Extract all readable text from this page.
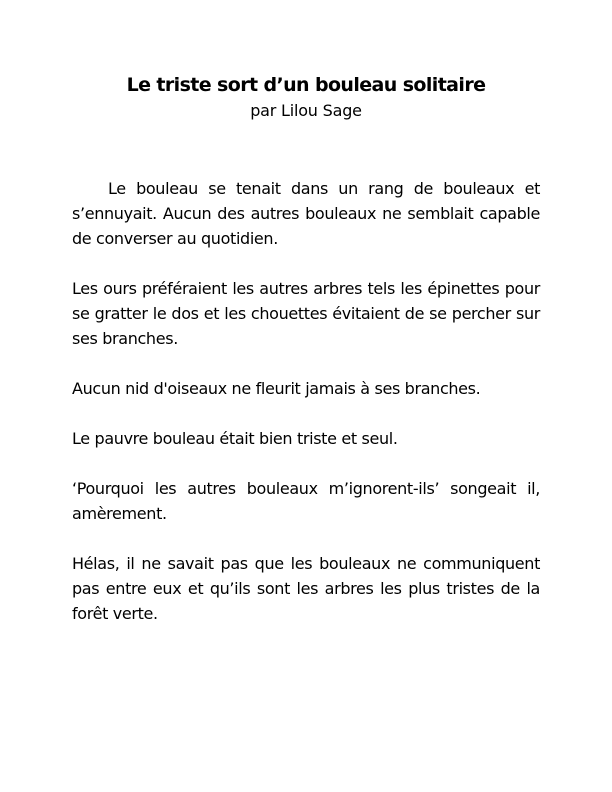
Le triste sort d’un bouleau solitaire

par Lilou Sage

Le bouleau se tenait dans un rang de bouleaux et s’ennuyait. Aucun des autres bouleaux ne semblait capable de converser au quotidien.

Les ours préféraient les autres arbres tels les épinettes pour se gratter le dos et les chouettes évitaient de se percher sur ses branches.

Aucun nid d'oiseaux ne fleurit jamais à ses branches.

Le pauvre bouleau était bien triste et seul.

‘Pourquoi les autres bouleaux m’ignorent-ils’ songeait il, amèrement.

Hélas, il ne savait pas que les bouleaux ne communiquent pas entre eux et qu’ils sont les arbres les plus tristes de la forêt verte.
